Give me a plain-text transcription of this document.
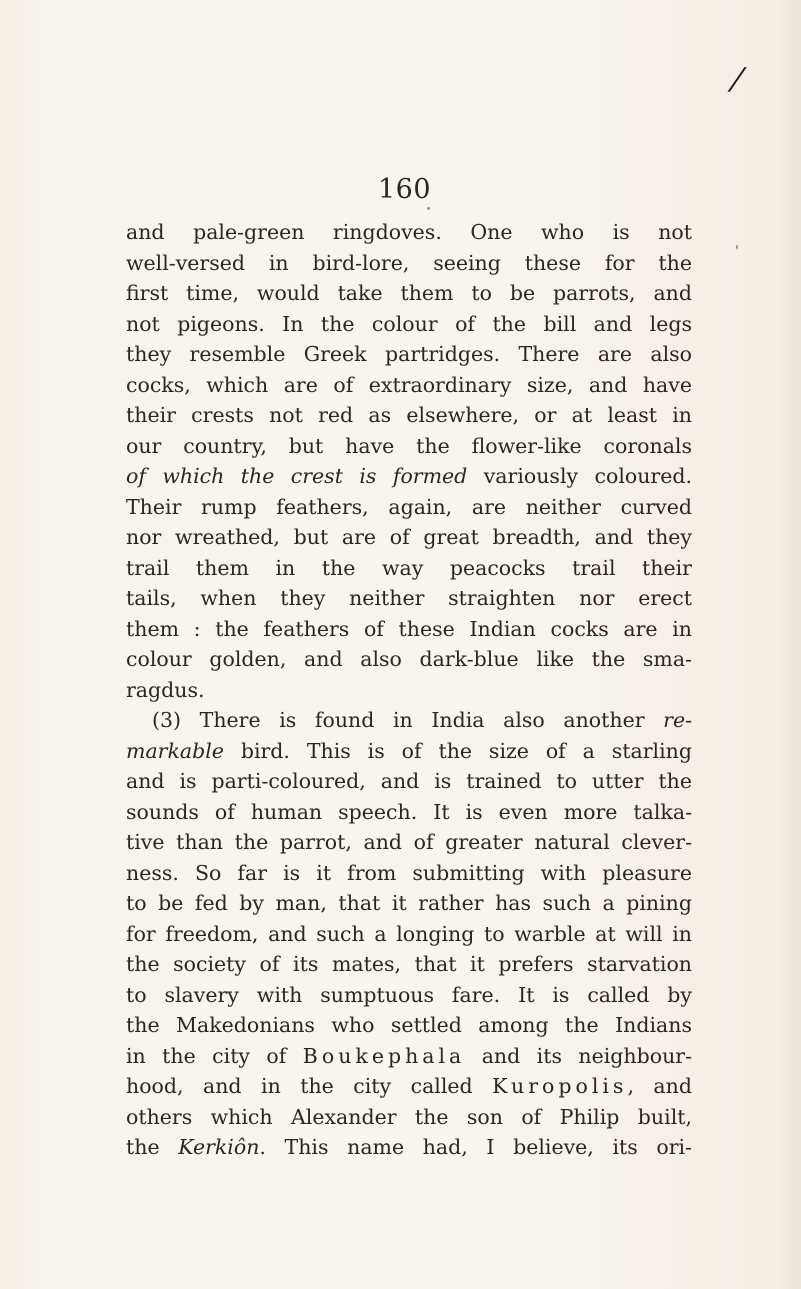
/
160
and pale-green ringdoves. One who is not
well-versed in bird-lore, seeing these for the
first time, would take them to be parrots, and
not pigeons. In the colour of the bill and legs
they resemble Greek partridges. There are also
cocks, which are of extraordinary size, and have
their crests not red as elsewhere, or at least in
our country, but have the flower-like coronals
of which the crest is formed variously coloured.
Their rump feathers, again, are neither curved
nor wreathed, but are of great breadth, and they
trail them in the way peacocks trail their
tails, when they neither straighten nor erect
them : the feathers of these Indian cocks are in
colour golden, and also dark-blue like the sma-
ragdus.
(3) There is found in India also another re-
markable bird. This is of the size of a starling
and is parti-coloured, and is trained to utter the
sounds of human speech. It is even more talka-
tive than the parrot, and of greater natural clever-
ness. So far is it from submitting with pleasure
to be fed by man, that it rather has such a pining
for freedom, and such a longing to warble at will in
the society of its mates, that it prefers starvation
to slavery with sumptuous fare. It is called by
the Makedonians who settled among the Indians
in the city of Boukephala and its neighbour-
hood, and in the city called Kuropolis, and
others which Alexander the son of Philip built,
the Kerkiôn. This name had, I believe, its ori-
